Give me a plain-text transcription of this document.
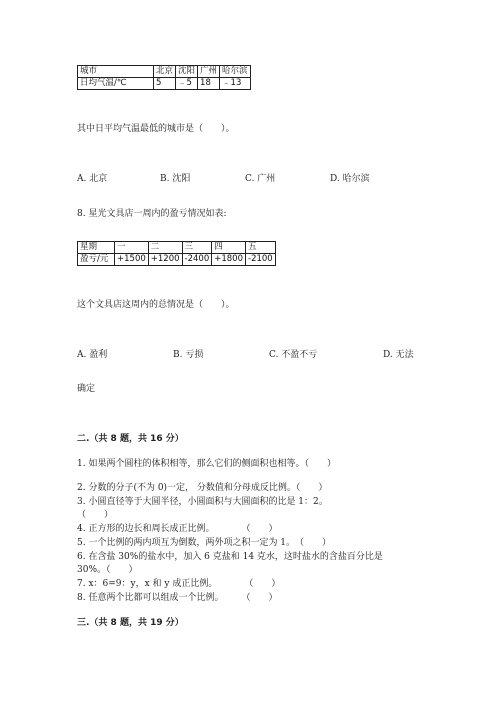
城市	北京	沈阳	广州	哈尔滨
日均气温/℃	5	﹣5	18	﹣13
其中日平均气温最低的城市是（　　）。
A. 北京	B. 沈阳	C. 广州	D. 哈尔滨
8. 星光文具店一周内的盈亏情况如表:
星期	一	二	三	四	五
盈亏/元	+1500	+1200	-2400	+1800	-2100
这个文具店这周内的总情况是（　　）。
A. 盈利	B. 亏损	C. 不盈不亏	D. 无法
确定
二.（共 8 题，共 16 分）
1. 如果两个圆柱的体积相等，那么它们的侧面积也相等。（　　）
2. 分数的分子(不为 0)一定， 分数值和分母成反比例。（　　）
3. 小圆直径等于大圆半径，小圆面积与大圆面积的比是 1：2。
（　　）
4. 正方形的边长和周长成正比例。　　　　（　　）
5. 一个比例的两内项互为倒数，两外项之积一定为 1。　（　　）
6. 在含盐 30%的盐水中，加入 6 克盐和 14 克水，这时盐水的含盐百分比是
30%。（　　）
7. x：6=9：y，x 和 y 成正比例。　　　　（　　）
8. 任意两个比都可以组成一个比例。　　　（　　）
三.（共 8 题，共 19 分）
